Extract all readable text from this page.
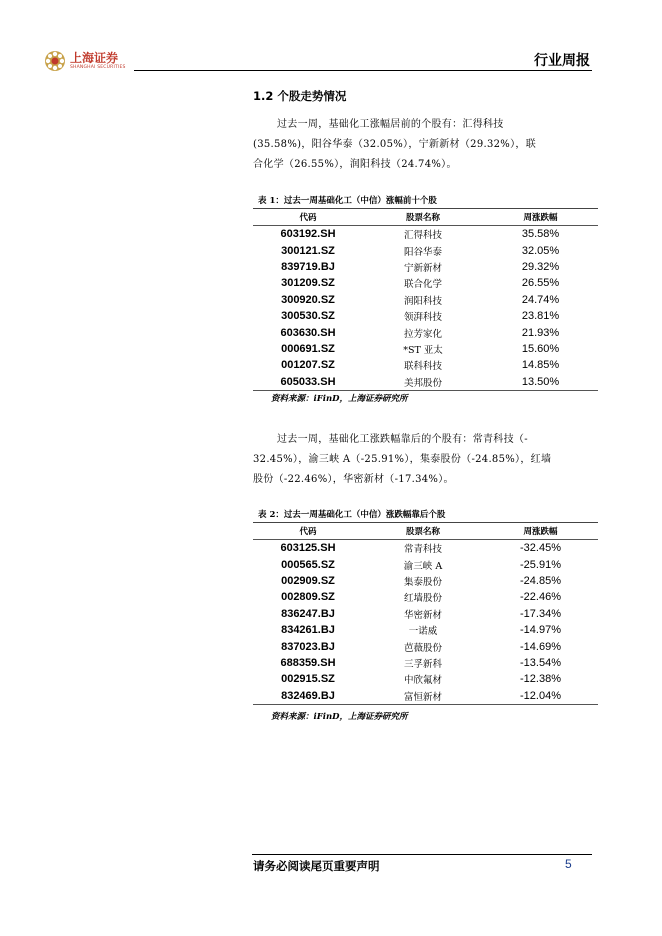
上海证券
SHANGHAI SECURITIES	行业周报
1.2 个股走势情况
过去一周，基础化工涨幅居前的个股有：汇得科技
(35.58%)，阳谷华泰（32.05%），宁新新材（29.32%），联
合化学（26.55%），润阳科技（24.74%）。
表 1：过去一周基础化工（中信）涨幅前十个股
代码	股票名称	周涨跌幅
603192.SH	汇得科技	35.58%
300121.SZ	阳谷华泰	32.05%
839719.BJ	宁新新材	29.32%
301209.SZ	联合化学	26.55%
300920.SZ	润阳科技	24.74%
300530.SZ	领湃科技	23.81%
603630.SH	拉芳家化	21.93%
000691.SZ	*ST 亚太	15.60%
001207.SZ	联科科技	14.85%
605033.SH	美邦股份	13.50%
资料来源：iFinD，上海证券研究所
过去一周，基础化工涨跌幅靠后的个股有：常青科技（-
32.45%），渝三峡 A（-25.91%），集泰股份（-24.85%），红墙
股份（-22.46%），华密新材（-17.34%）。
表 2：过去一周基础化工（中信）涨跌幅靠后个股
代码	股票名称	周涨跌幅
603125.SH	常青科技	-32.45%
000565.SZ	渝三峡 A	-25.91%
002909.SZ	集泰股份	-24.85%
002809.SZ	红墙股份	-22.46%
836247.BJ	华密新材	-17.34%
834261.BJ	一诺威	-14.97%
837023.BJ	芭薇股份	-14.69%
688359.SH	三孚新科	-13.54%
002915.SZ	中欣氟材	-12.38%
832469.BJ	富恒新材	-12.04%
资料来源：iFinD，上海证券研究所
请务必阅读尾页重要声明	5
